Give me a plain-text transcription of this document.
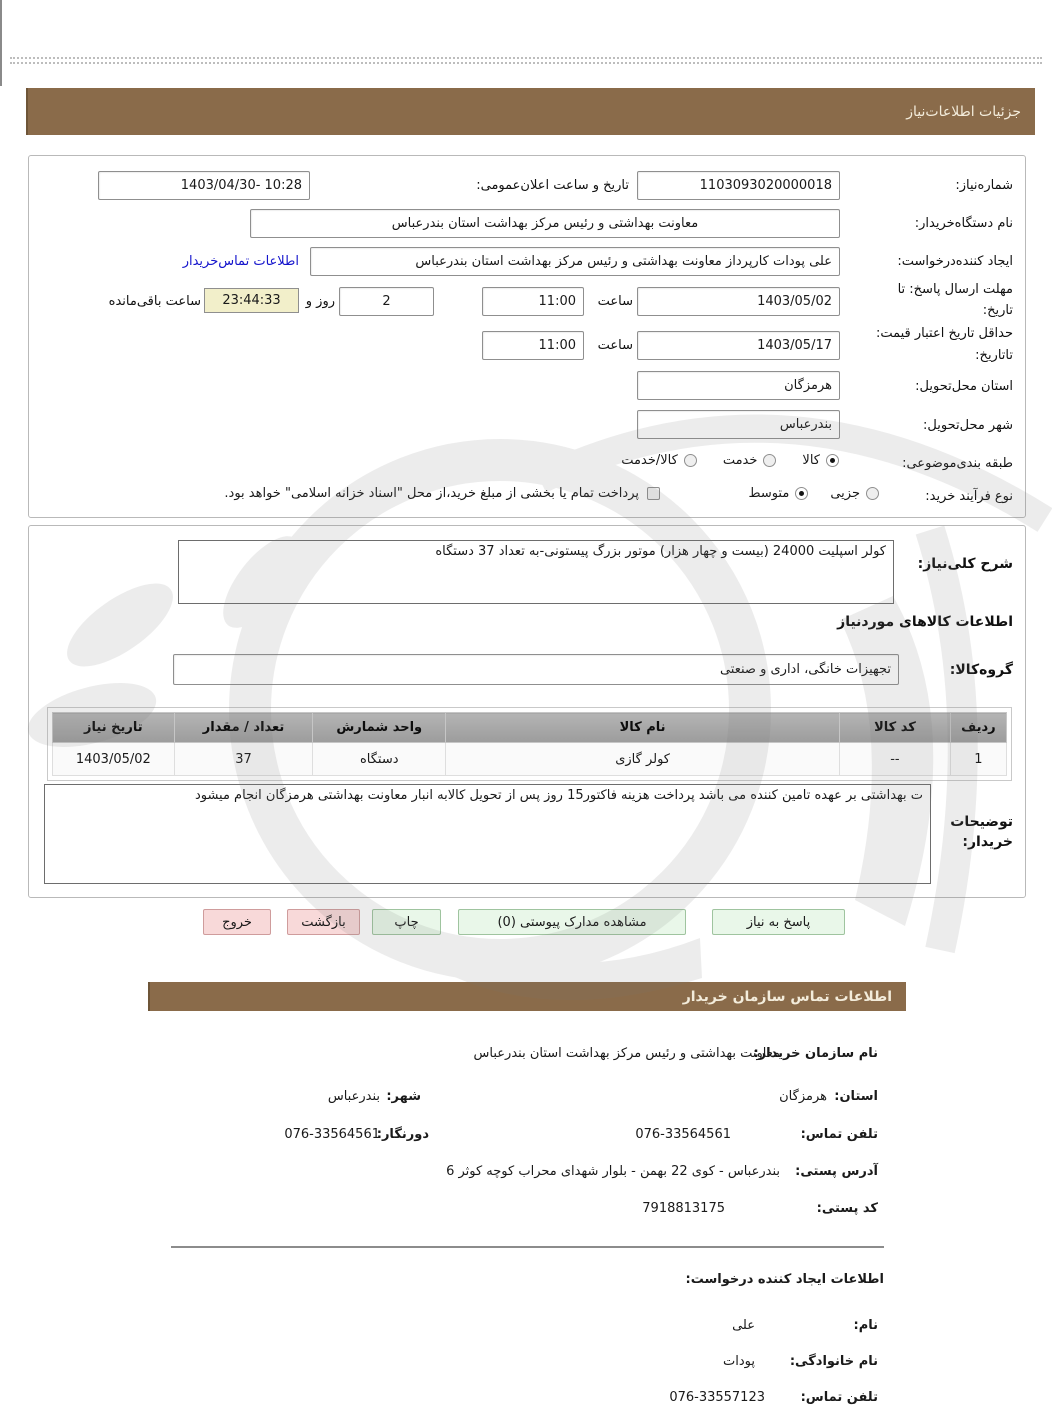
جزئیات اطلاعات‌نیاز
شماره‌نیاز:
1103093020000018
تاریخ و ساعت اعلان‌عمومی:
1403/04/30- 10:28
نام دستگاه‌خریدار:
معاونت بهداشتی و رئیس مرکز بهداشت استان بندرعباس
ایجاد کننده‌درخواست:
علی پودات کارپرداز معاونت بهداشتی و رئیس مرکز بهداشت استان بندرعباس
اطلاعات تماس‌خریدار
مهلت ارسال پاسخ: تا
تاریخ:
1403/05/02
ساعت
11:00
2
روز و
23:44:33
ساعت باقی‌مانده
حداقل تاریخ اعتبار قیمت:
تاتاریخ:
1403/05/17
ساعت
11:00
استان محل‌تحویل:
هرمزگان
شهر محل‌تحویل:
بندرعباس
طبقه بندی‌موضوعی:
کالا
خدمت
کالا/خدمت
نوع فرآیند خرید:
جزیی
متوسط
پرداخت تمام یا بخشی از مبلغ خرید،از محل "اسناد خزانه اسلامی" خواهد بود.
شرح کلی‌نیاز:
کولر اسپلیت 24000 (بیست و چهار هزار) موتور بزرگ پیستونی-به تعداد 37 دستگاه
اطلاعات کالاهای موردنیاز
گروه‌کالا:
تجهیزات خانگی، اداری و صنعتی
ردیف	کد کالا	نام کالا	واحد شمارش	تعداد / مقدار	تاریخ نیاز
1	--	کولر گازی	دستگاه	37	1403/05/02
توضیحات
خریدار:
ت بهداشتی بر عهده تامین کننده می باشد پرداخت هزینه فاکتور15 روز پس از تحویل کالابه انبار معاونت بهداشتی هرمزگان انجام میشود
پاسخ به نیاز
مشاهده مدارک پیوستی (0)
چاپ
بازگشت
خروج
اطلاعات تماس سازمان خریدار
نام سازمان خریدار:
معاونت بهداشتی و رئیس مرکز بهداشت استان بندرعباس
استان:
هرمزگان
شهر:
بندرعباس
تلفن تماس:
076-33564561
دورنگار:
076-33564561
آدرس پستی:
بندرعباس - کوی 22 بهمن - بلوار شهدای محراب کوچه کوثر 6
کد پستی:
7918813175
اطلاعات ایجاد کننده درخواست:
نام:
علی
نام خانوادگی:
پودات
تلفن تماس:
076-33557123
